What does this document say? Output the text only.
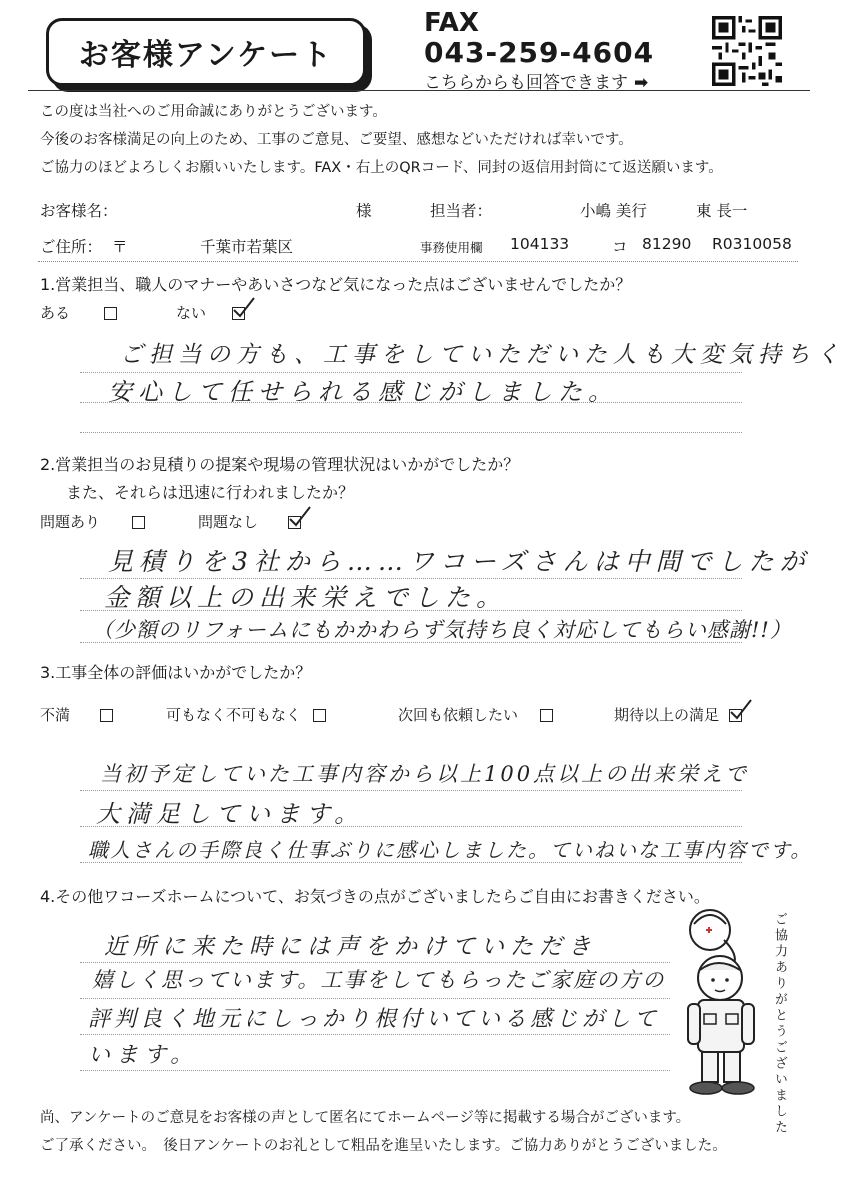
お客様アンケート
FAX
043-259-4604
こちらからも回答できます ➡
この度は当社へのご用命誠にありがとうございます。
今後のお客様満足の向上のため、工事のご意見、ご要望、感想などいただければ幸いです。
ご協力のほどよろしくお願いいたします。FAX・右上のQRコード、同封の返信用封筒にて返送願います。
お客様名：	様	担当者：	小嶋 美行	東 長一
ご住所： 〒	千葉市若葉区	事務使用欄 104133	コ 81290 R0310058
1.営業担当、職人のマナーやあいさつなど気になった点はございませんでしたか？
ある	ない
ご担当の方も、工事をしていただいた人も大変気持ちく
安心して任せられる感じがしました。
2.営業担当のお見積りの提案や現場の管理状況はいかがでしたか？
また、それらは迅速に行われましたか？
問題あり	問題なし
見積りを3社から……ワコーズさんは中間でしたが
金額以上の出来栄えでした。
（少額のリフォームにもかかわらず気持ち良く対応してもらい感謝!!）
3.工事全体の評価はいかがでしたか？
不満	可もなく不可もなく	次回も依頼したい	期待以上の満足
当初予定していた工事内容から以上100点以上の出来栄えで
大満足しています。
職人さんの手際良く仕事ぶりに感心しました。ていねいな工事内容です。
4.その他ワコーズホームについて、お気づきの点がございましたらご自由にお書きください。
近所に来た時には声をかけていただき
嬉しく思っています。工事をしてもらったご家庭の方の
評判良く地元にしっかり根付いている感じがして
います。	ご協力ありがとうございました
尚、アンケートのご意見をお客様の声として匿名にてホームページ等に掲載する場合がございます。
ご了承ください。　後日アンケートのお礼として粗品を進呈いたします。ご協力ありがとうございました。
